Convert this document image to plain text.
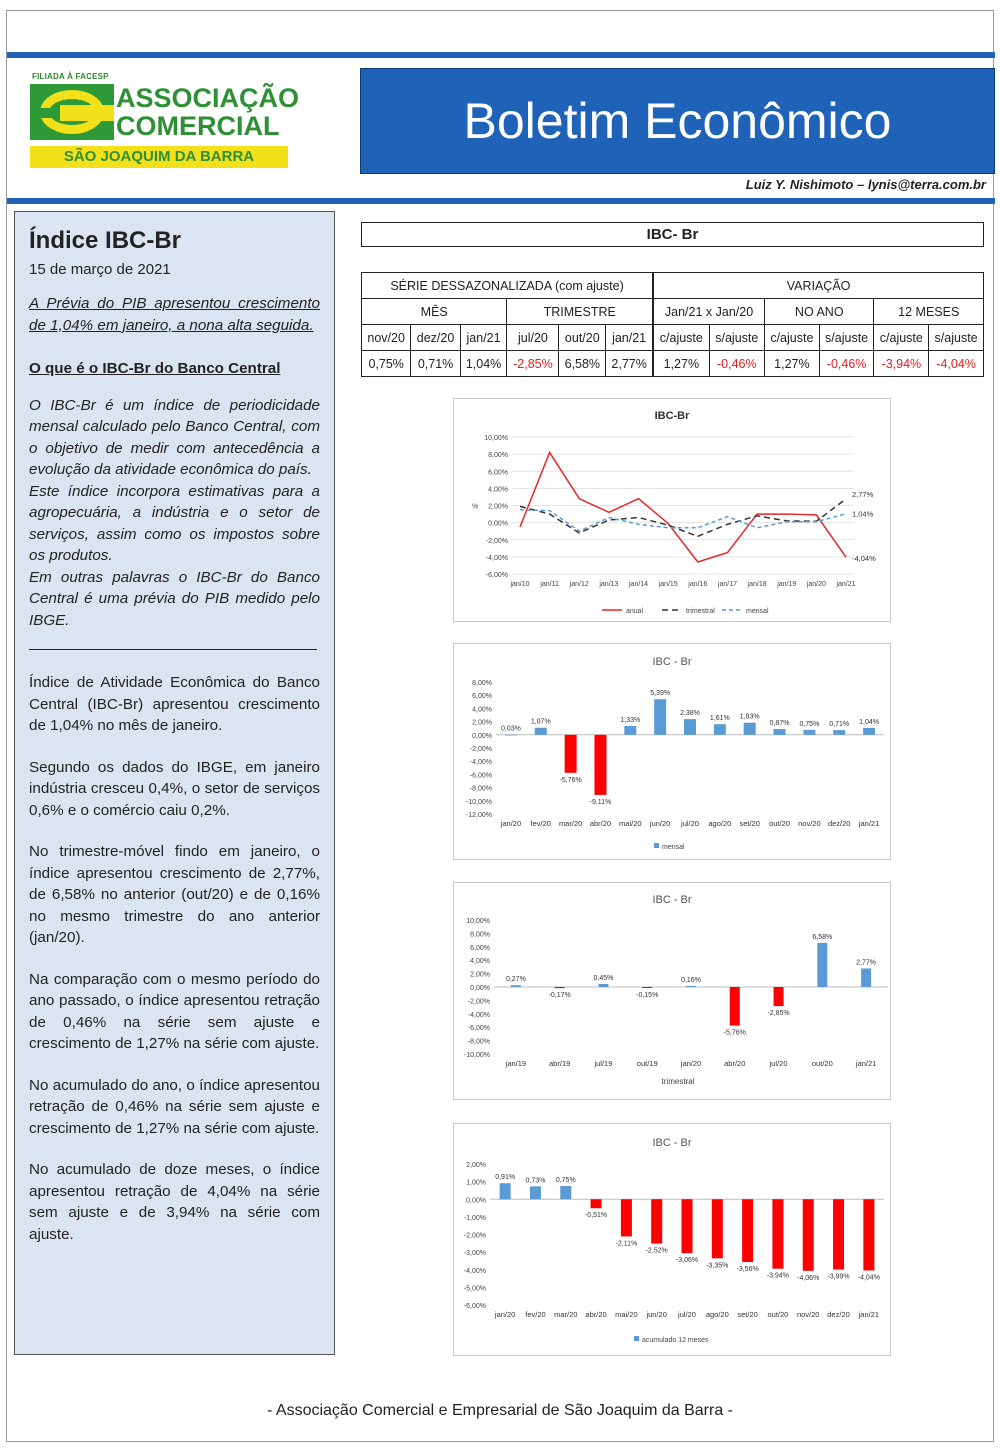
FILIADA À FACESP
ASSOCIAÇÃO
COMERCIAL
SÃO JOAQUIM DA BARRA
Boletim Econômico
Luiz Y. Nishimoto – lynis@terra.com.br
Índice IBC-Br
15 de março de 2021

A Prévia do PIB apresentou crescimento de 1,04% em janeiro, a nona alta seguida.

O que é o IBC-Br do Banco Central

O IBC-Br é um índice de periodicidade mensal calculado pelo Banco Central, com o objetivo de medir com antecedência a evolução da atividade econômica do país.

Este índice incorpora estimativas para a agropecuária, a indústria e o setor de serviços, assim como os impostos sobre os produtos.

Em outras palavras o IBC-Br do Banco Central é uma prévia do PIB medido pelo IBGE.

Índice de Atividade Econômica do Banco Central (IBC-Br) apresentou crescimento de 1,04% no mês de janeiro.

Segundo os dados do IBGE, em janeiro indústria cresceu 0,4%, o setor de serviços 0,6% e o comércio caiu 0,2%.

No trimestre-móvel findo em janeiro, o índice apresentou crescimento de 2,77%, de 6,58% no anterior (out/20) e de 0,16% no mesmo trimestre do ano anterior (jan/20).

Na comparação com o mesmo período do ano passado, o índice apresentou retração de 0,46% na série sem ajuste e crescimento de 1,27% na série com ajuste.

No acumulado do ano, o índice apresentou retração de 0,46% na série sem ajuste e crescimento de 1,27% na série com ajuste.

No acumulado de doze meses, o índice apresentou retração de 4,04% na série sem ajuste e de 3,94% na série com ajuste.

IBC- Br
SÉRIE DESSAZONALIZADA (com ajuste)						VARIAÇÃO					
MÊS			TRIMESTRE			Jan/21 x Jan/20		NO ANO		12 MESES	
nov/20	dez/20	jan/21	jul/20	out/20	jan/21	c/ajuste	s/ajuste	c/ajuste	s/ajuste	c/ajuste	s/ajuste
0,75%	0,71%	1,04%	-2,85%	6,58%	2,77%	1,27%	-0,46%	1,27%	-0,46%	-3,94%	-4,04%
IBC-Br
10,00%
8,00%
6,00%
4,00%
2,00%
0,00%
-2,00%
-4,00%
-6,00%
%
jan/10 jan/11 jan/12 jan/13 jan/14 jan/15 jan/16 jan/17 jan/18 jan/19 jan/20 jan/21
2,77%
1,04%
-4,04%
anual	trimestral	mensal
IBC - Br
8,00%
6,00%
4,00%
2,00%
0,00%
-2,00%
-4,00%
-6,00%
-8,00%
-10,00%
-12,00%
0,03%
jan/20
1,07%
fev/20
-5,76%
mar/20
-9,11%
abr/20
1,33%
mai/20
5,39%
jun/20
2,38%
jul/20
1,61%
ago/20
1,83%
set/20
0,87%
out/20
0,75%
nov/20
0,71%
dez/20
1,04%
jan/21
mensal
IBC - Br
10,00%
8,00%
6,00%
4,00%
2,00%
0,00%
-2,00%
-4,00%
-6,00%
-8,00%
-10,00%
0,27%
jan/19
-0,17%
abr/19
0,45%
jul/19
-0,15%
out/19
0,16%
jan/20
-5,76%
abr/20
-2,85%
jul/20
6,58%
out/20
2,77%
jan/21
trimestral
IBC - Br
2,00%
1,00%
0,00%
-1,00%
-2,00%
-3,00%
-4,00%
-5,00%
-6,00%
0,91%
jan/20
0,73%
fev/20
0,75%
mar/20
-0,51%
abr/20
-2,11%
mai/20
-2,52%
jun/20
-3,06%
jul/20
-3,35%
ago/20
-3,56%
set/20
-3,94%
out/20
-4,06%
nov/20
-3,99%
dez/20
-4,04%
jan/21
acumulado 12 meses
- Associação Comercial e Empresarial de São Joaquim da Barra -
